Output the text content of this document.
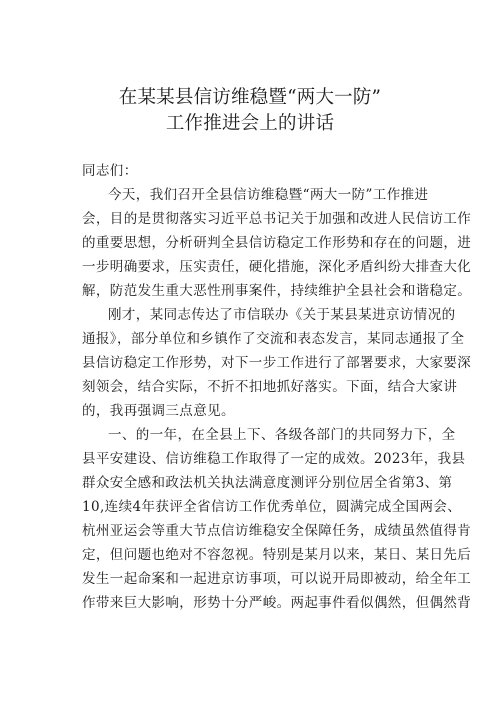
在某某县信访维稳暨“两大一防”
工作推进会上的讲话
同志们：
今天，我们召开全县信访维稳暨“两大一防”工作推进
会，目的是贯彻落实习近平总书记关于加强和改进人民信访工作
的重要思想，分析研判全县信访稳定工作形势和存在的问题，进
一步明确要求，压实责任，硬化措施，深化矛盾纠纷大排查大化
解，防范发生重大恶性刑事案件，持续维护全县社会和谐稳定。
刚才，某同志传达了市信联办《关于某县某进京访情况的
通报》，部分单位和乡镇作了交流和表态发言，某同志通报了全
县信访稳定工作形势，对下一步工作进行了部署要求，大家要深
刻领会，结合实际，不折不扣地抓好落实。下面，结合大家讲
的，我再强调三点意见。
一、的一年，在全县上下、各级各部门的共同努力下，全
县平安建设、信访维稳工作取得了一定的成效。2023年，我县
群众安全感和政法机关执法满意度测评分别位居全省第3、第
10,连续4年获评全省信访工作优秀单位，圆满完成全国两会、
杭州亚运会等重大节点信访维稳安全保障任务，成绩虽然值得肯
定，但问题也绝对不容忽视。特别是某月以来，某日、某日先后
发生一起命案和一起进京访事项，可以说开局即被动，给全年工
作带来巨大影响，形势十分严峻。两起事件看似偶然，但偶然背
